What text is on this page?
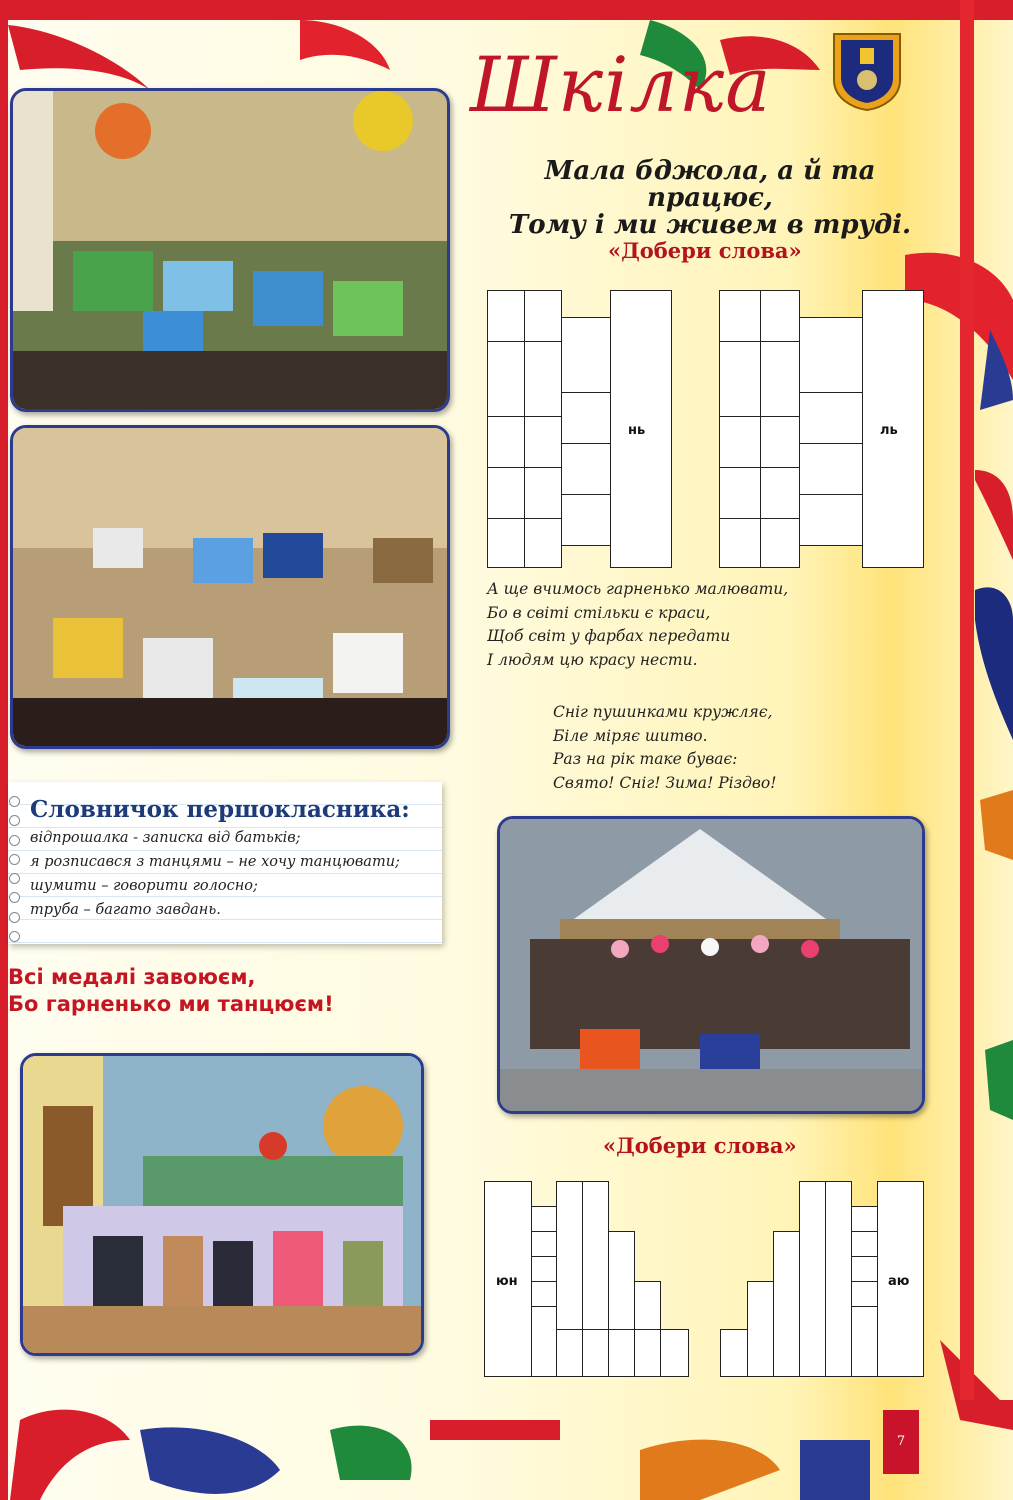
Шкілка
Мала бджола, а й та працює,
Тому і ми живем в труді.
«Добери слова»
нь	ль
А ще вчимось гарненько малювати,
Бо в світі стільки є краси,
Щоб світ у фарбах передати
І людям цю красу нести.
Сніг пушинками кружляє,
Біле міряє шитво.
Раз на рік таке буває:
Свято! Сніг! Зима! Різдво!
Словничок першокласника:
відпрошалка - записка від батьків;
я розписався з танцями – не хочу танцювати;
шумити – говорити голосно;
труба – багато завдань.
Всі медалі завоюєм,
Бо гарненько ми танцюєм!
«Добери слова»
юн	аю
7
